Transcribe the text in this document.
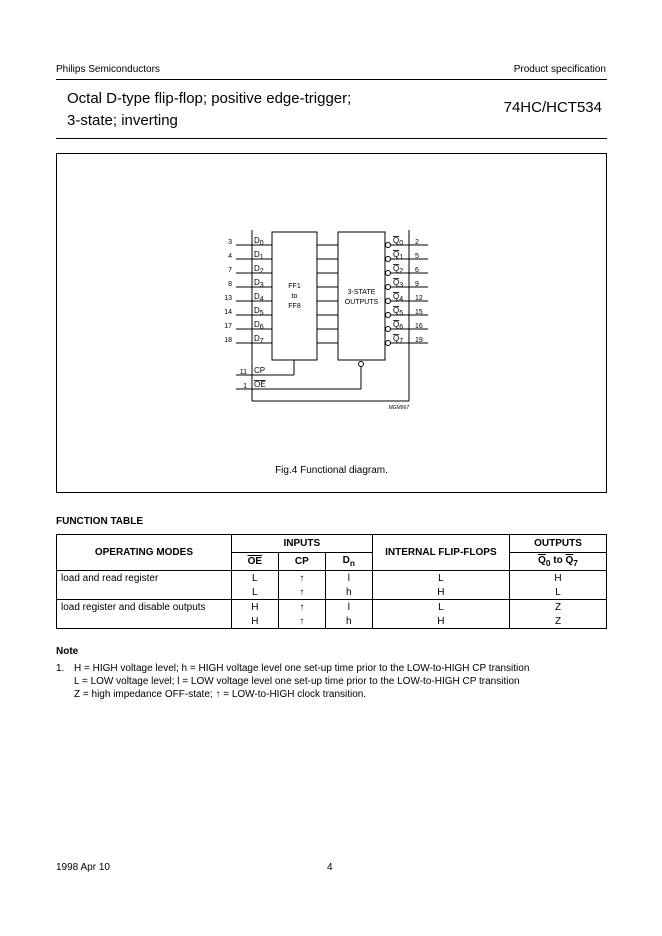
Philips Semiconductors	Product specification
Octal D-type flip-flop; positive edge-trigger;
3-state; inverting
74HC/HCT534
FF1
to
FF8
3-STATE
OUTPUTS
3	D0	Q0 2
4	D1	Q1 5
7	D2	Q2 6
8	D3	Q3 9
13	D4	Q4 12
14	D5	Q5 15
17	D6	Q6 16
18	D7	Q7 19
11 CP
1 OE
MGM967
Fig.4 Functional diagram.
FUNCTION TABLE
OPERATING MODES	INPUTS			INTERNAL FLIP-FLOPS	OUTPUTS
	$\overline{OE}$	CP	$D_n$		$\overline{Q}_0$ to $\overline{Q}_7$
load and read register	L	↑	l	L	H
	L	↑	h	H	L
load register and disable outputs	H	↑	l	L	Z
	H	↑	h	H	Z
Note
1. H = HIGH voltage level; h = HIGH voltage level one set-up time prior to the LOW-to-HIGH CP transition
L = LOW voltage level; l = LOW voltage level one set-up time prior to the LOW-to-HIGH CP transition
Z = high impedance OFF-state; ↑ = LOW-to-HIGH clock transition.
1998 Apr 10	4
